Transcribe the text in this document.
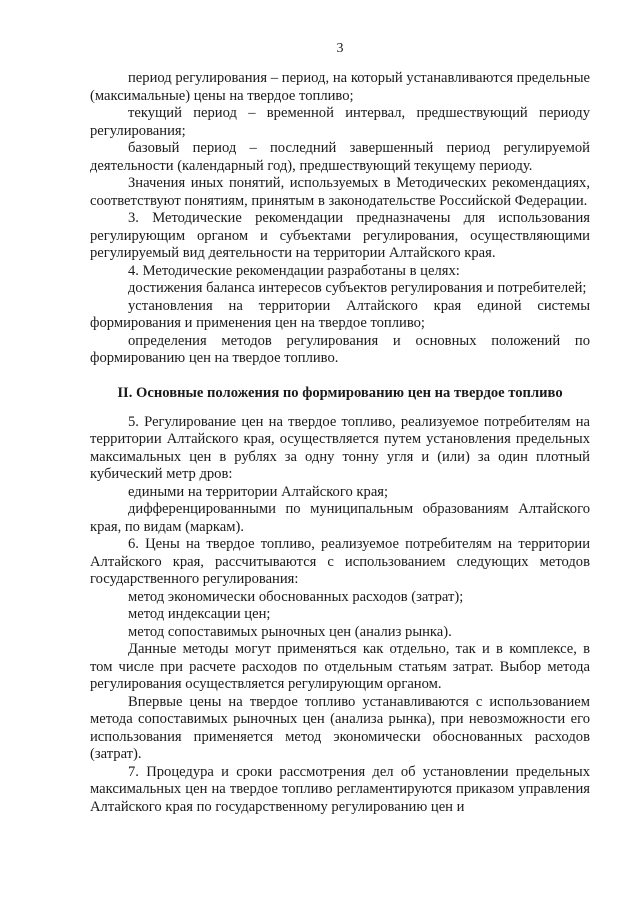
3

период регулирования – период, на который устанавливаются предельные (максимальные) цены на твердое топливо;

текущий период – временной интервал, предшествующий периоду регулирования;

базовый период – последний завершенный период регулируемой деятельности (календарный год), предшествующий текущему периоду.

Значения иных понятий, используемых в Методических рекомендациях, соответствуют понятиям, принятым в законодательстве Российской Федерации.

3. Методические рекомендации предназначены для использования регулирующим органом и субъектами регулирования, осуществляющими регулируемый вид деятельности на территории Алтайского края.

4. Методические рекомендации разработаны в целях:

достижения баланса интересов субъектов регулирования и потребителей;

установления на территории Алтайского края единой системы формирования и применения цен на твердое топливо;

определения методов регулирования и основных положений по формированию цен на твердое топливо.

II. Основные положения по формированию цен на твердое топливо

5. Регулирование цен на твердое топливо, реализуемое потребителям на территории Алтайского края, осуществляется путем установления предельных максимальных цен в рублях за одну тонну угля и (или) за один плотный кубический метр дров:

едиными на территории Алтайского края;

дифференцированными по муниципальным образованиям Алтайского края, по видам (маркам).

6. Цены на твердое топливо, реализуемое потребителям на территории Алтайского края, рассчитываются с использованием следующих методов государственного регулирования:

метод экономически обоснованных расходов (затрат);

метод индексации цен;

метод сопоставимых рыночных цен (анализ рынка).

Данные методы могут применяться как отдельно, так и в комплексе, в том числе при расчете расходов по отдельным статьям затрат. Выбор метода регулирования осуществляется регулирующим органом.

Впервые цены на твердое топливо устанавливаются с использованием метода сопоставимых рыночных цен (анализа рынка), при невозможности его использования применяется метод экономически обоснованных расходов (затрат).

7. Процедура и сроки рассмотрения дел об установлении предельных максимальных цен на твердое топливо регламентируются приказом управления Алтайского края по государственному регулированию цен и
